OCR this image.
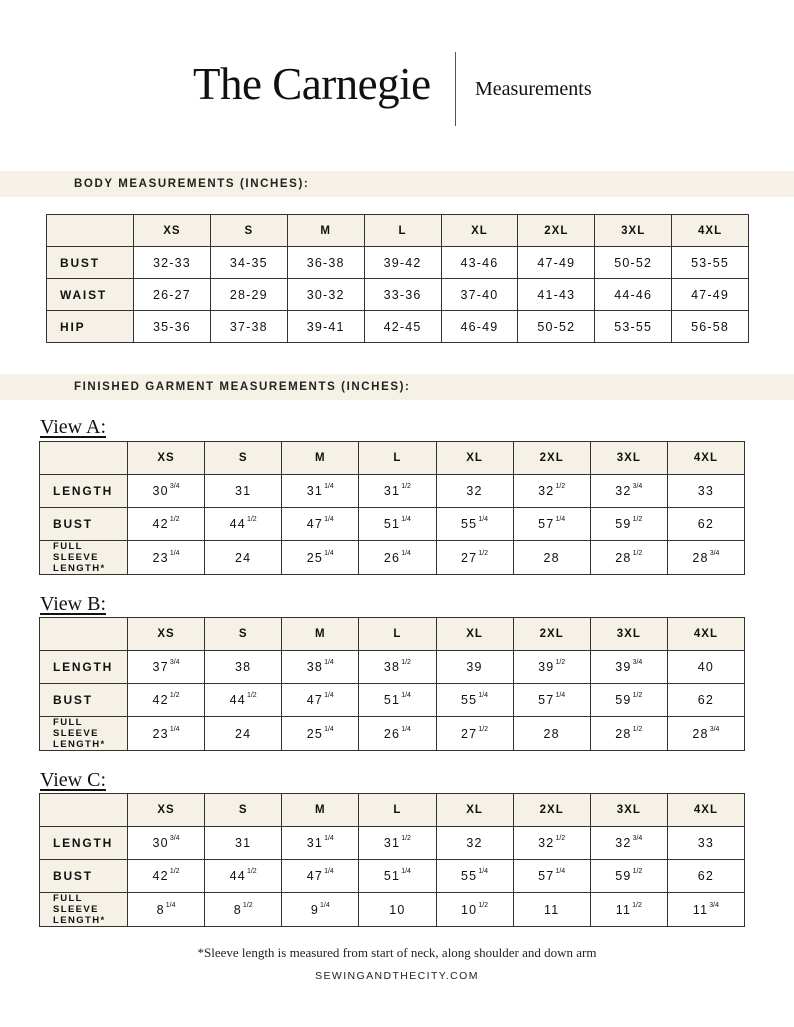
The Carnegie Measurements
BODY MEASUREMENTS (INCHES):
	XS	S	M	L	XL	2XL	3XL	4XL
BUST	32-33	34-35	36-38	39-42	43-46	47-49	50-52	53-55
WAIST	26-27	28-29	30-32	33-36	37-40	41-43	44-46	47-49
HIP	35-36	37-38	39-41	42-45	46-49	50-52	53-55	56-58
FINISHED GARMENT MEASUREMENTS (INCHES):
View A:
	XS	S	M	L	XL	2XL	3XL	4XL
LENGTH	$30^{3/4}$	31	$31^{1/4}$	$31^{1/2}$	32	$32^{1/2}$	$32^{3/4}$	33
BUST	$42^{1/2}$	$44^{1/2}$	$47^{1/4}$	$51^{1/4}$	$55^{1/4}$	$57^{1/4}$	$59^{1/2}$	62
FULL SLEEVE LENGTH*	$23^{1/4}$	24	$25^{1/4}$	$26^{1/4}$	$27^{1/2}$	28	$28^{1/2}$	$28^{3/4}$
View B:
	XS	S	M	L	XL	2XL	3XL	4XL
LENGTH	$37^{3/4}$	38	$38^{1/4}$	$38^{1/2}$	39	$39^{1/2}$	$39^{3/4}$	40
BUST	$42^{1/2}$	$44^{1/2}$	$47^{1/4}$	$51^{1/4}$	$55^{1/4}$	$57^{1/4}$	$59^{1/2}$	62
FULL SLEEVE LENGTH*	$23^{1/4}$	24	$25^{1/4}$	$26^{1/4}$	$27^{1/2}$	28	$28^{1/2}$	$28^{3/4}$
View C:
	XS	S	M	L	XL	2XL	3XL	4XL
LENGTH	$30^{3/4}$	31	$31^{1/4}$	$31^{1/2}$	32	$32^{1/2}$	$32^{3/4}$	33
BUST	$42^{1/2}$	$44^{1/2}$	$47^{1/4}$	$51^{1/4}$	$55^{1/4}$	$57^{1/4}$	$59^{1/2}$	62
FULL SLEEVE LENGTH*	$8^{1/4}$	$8^{1/2}$	$9^{1/4}$	10	$10^{1/2}$	11	$11^{1/2}$	$11^{3/4}$
*Sleeve length is measured from start of neck, along shoulder and down arm
SEWINGANDTHECITY.COM
